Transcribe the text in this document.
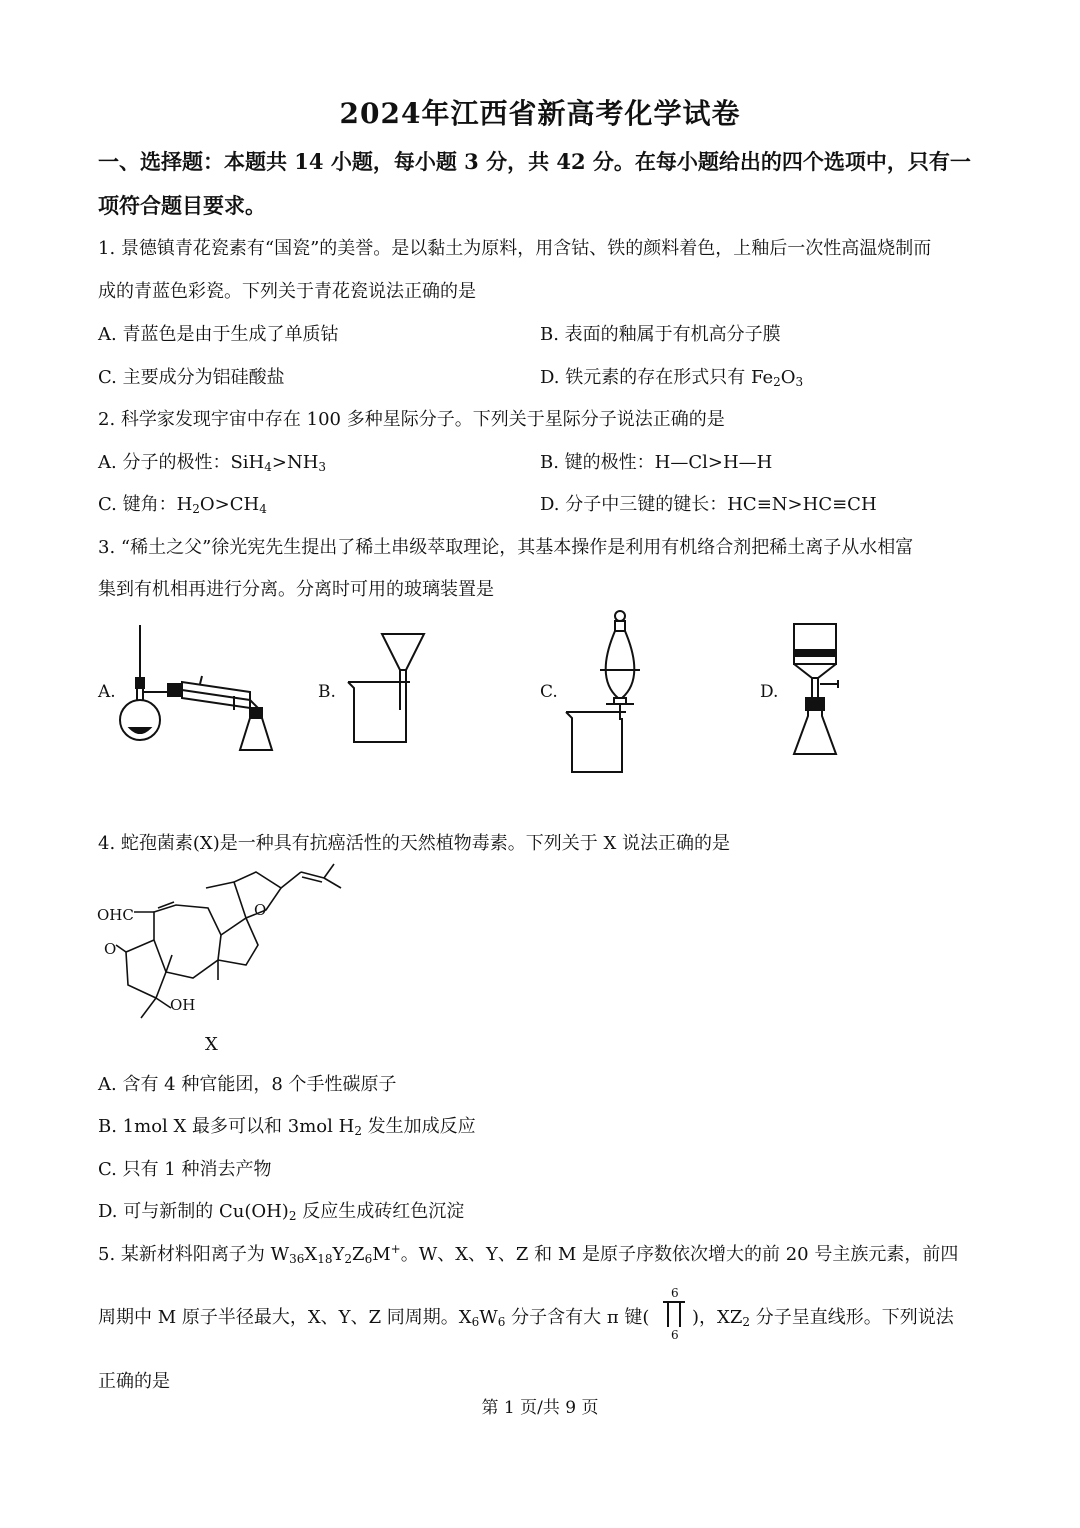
2024年江西省新高考化学试卷
一、选择题：本题共 14 小题，每小题 3 分，共 42 分。在每小题给出的四个选项中，只有一
项符合题目要求。
1. 景德镇青花瓷素有“国瓷”的美誉。是以黏土为原料，用含钴、铁的颜料着色，上釉后一次性高温烧制而
成的青蓝色彩瓷。下列关于青花瓷说法正确的是
A. 青蓝色是由于生成了单质钴	B. 表面的釉属于有机高分子膜
C. 主要成分为铝硅酸盐	D. 铁元素的存在形式只有 $Fe_2O_3$
2. 科学家发现宇宙中存在 100 多种星际分子。下列关于星际分子说法正确的是
A. 分子的极性：$SiH_4>NH_3$	B. 键的极性：H—Cl>H—H
C. 键角：$H_2O>CH_4$	D. 分子中三键的键长：HC≡N>HC≡CH
3. “稀土之父”徐光宪先生提出了稀土串级萃取理论，其基本操作是利用有机络合剂把稀土离子从水相富
集到有机相再进行分离。分离时可用的玻璃装置是
A.	B.	C.	D.
4. 蛇孢菌素(X)是一种具有抗癌活性的天然植物毒素。下列关于 X 说法正确的是
OHC
O
OH
O
X
A. 含有 4 种官能团，8 个手性碳原子
B. 1mol X 最多可以和 3mol $H_2$ 发生加成反应
C. 只有 1 种消去产物
D. 可与新制的 $Cu(OH)_2$ 反应生成砖红色沉淀
5. 某新材料阳离子为 $W_{36}X_{18}Y_2Z_6M^+$。W、X、Y、Z 和 M 是原子序数依次增大的前 20 号主族元素，前四
周期中 M 原子半径最大，X、Y、Z 同周期。$X_6W_6$ 分子含有大 π 键(
6
6
)，$XZ_2$ 分子呈直线形。下列说法
正确的是
第 1 页/共 9 页
